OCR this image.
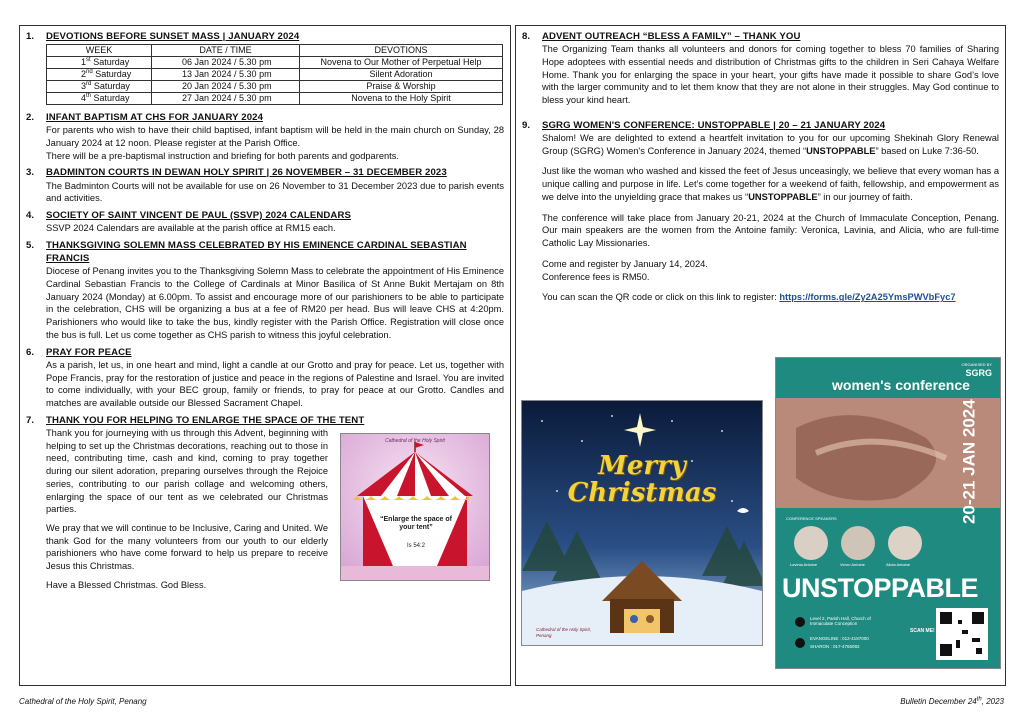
1. DEVOTIONS BEFORE SUNSET MASS | JANUARY 2024
WEEK	DATE / TIME	DEVOTIONS
1st Saturday	06 Jan 2024 / 5.30 pm	Novena to Our Mother of Perpetual Help
2nd Saturday	13 Jan 2024 / 5.30 pm	Silent Adoration
3rd Saturday	20 Jan 2024 / 5.30 pm	Praise & Worship
4th Saturday	27 Jan 2024 / 5.30 pm	Novena to the Holy Spirit
2. INFANT BAPTISM AT CHS FOR JANUARY 2024

For parents who wish to have their child baptised, infant baptism will be held in the main church on Sunday, 28 January 2024 at 12 noon. Please register at the Parish Office.

There will be a pre-baptismal instruction and briefing for both parents and godparents.

3. BADMINTON COURTS IN DEWAN HOLY SPIRIT | 26 NOVEMBER – 31 DECEMBER 2023

The Badminton Courts will not be available for use on 26 November to 31 December 2023 due to parish events and activities.

4. SOCIETY OF SAINT VINCENT DE PAUL (SSVP) 2024 CALENDARS

SSVP 2024 Calendars are available at the parish office at RM15 each.

5. THANKSGIVING SOLEMN MASS CELEBRATED BY HIS EMINENCE CARDINAL SEBASTIAN FRANCIS

Diocese of Penang invites you to the Thanksgiving Solemn Mass to celebrate the appointment of His Eminence Cardinal Sebastian Francis to the College of Cardinals at Minor Basilica of St Anne Bukit Mertajam on 8th January 2024 (Monday) at 6.00pm. To assist and encourage more of our parishioners to be able to participate in the celebration, CHS will be organizing a bus at a fee of RM20 per head. Bus will leave CHS at 4:20pm. Parishioners who would like to take the bus, kindly register with the Parish Office. Registration will close once the bus is full. Let us come together as CHS parish to witness this joyful celebration.

6. PRAY FOR PEACE

As a parish, let us, in one heart and mind, light a candle at our Grotto and pray for peace. Let us, together with Pope Francis, pray for the restoration of justice and peace in the regions of Palestine and Israel. You are invited to come individually, with your BEC group, family or friends, to pray for peace at our Grotto. Candles and matches are available outside our Blessed Sacrament Chapel.

7. THANK YOU FOR HELPING TO ENLARGE THE SPACE OF THE TENT

Thank you for journeying with us through this Advent, beginning with helping to set up the Christmas decorations, reaching out to those in need, contributing time, cash and kind, coming to pray together during our silent adoration, preparing ourselves through the Rejoice series, contributing to our parish collage and welcoming others, enlarging the space of our tent as we celebrated our Christmas parties.

We pray that we will continue to be Inclusive, Caring and United. We thank God for the many volunteers from our youth to our elderly parishioners who have come forward to help us prepare to receive Jesus this Christmas.

Have a Blessed Christmas. God Bless.

Cathedral of the Holy Spirit
“Enlarge the space of your tent”
Is 54:2
8. ADVENT OUTREACH “BLESS A FAMILY” – THANK YOU

The Organizing Team thanks all volunteers and donors for coming together to bless 70 families of Sharing Hope adoptees with essential needs and distribution of Christmas gifts to the children in Seri Cahaya Welfare Home. Thank you for enlarging the space in your heart, your gifts have made it possible to share God’s love with the larger community and to let them know that they are not alone in their struggles. May God continue to bless your kind heart.

9. SGRG WOMEN'S CONFERENCE: UNSTOPPABLE | 20 – 21 JANUARY 2024

Shalom! We are delighted to extend a heartfelt invitation to you for our upcoming Shekinah Glory Renewal Group (SGRG) Women's Conference in January 2024, themed “UNSTOPPABLE” based on Luke 7:36-50.

Just like the woman who washed and kissed the feet of Jesus unceasingly, we believe that every woman has a unique calling and purpose in life. Let’s come together for a weekend of faith, fellowship, and empowerment as we delve into the unyielding grace that makes us “UNSTOPPABLE” in our journey of faith.

The conference will take place from January 20-21, 2024 at the Church of Immaculate Conception, Penang. Our main speakers are the women from the Antoine family: Veronica, Lavinia, and Alicia, who are full-time Catholic Lay Missionaries.

Come and register by January 14, 2024.
Conference fees is RM50.

You can scan the QR code or click on this link to register: https://forms.gle/Zy2A25YmsPWVbFyc7

Merry
Christmas
Cathedral of the Holy Spirit, Penang
ORGANISED BY
SGRG
women's conference
20-21 JAN 2024
CONFERENCE SPEAKERS
Lavinia Antoine	Veron Antoine	Alicia Antoine
UNSTOPPABLE
Level 2, Parish Hall, Church of Immaculate Conception
EVANGELINE : 012-4187000
SHARON : 017-4765092
SCAN ME!
Cathedral of the Holy Spirit, Penang	Bulletin December 24th, 2023
